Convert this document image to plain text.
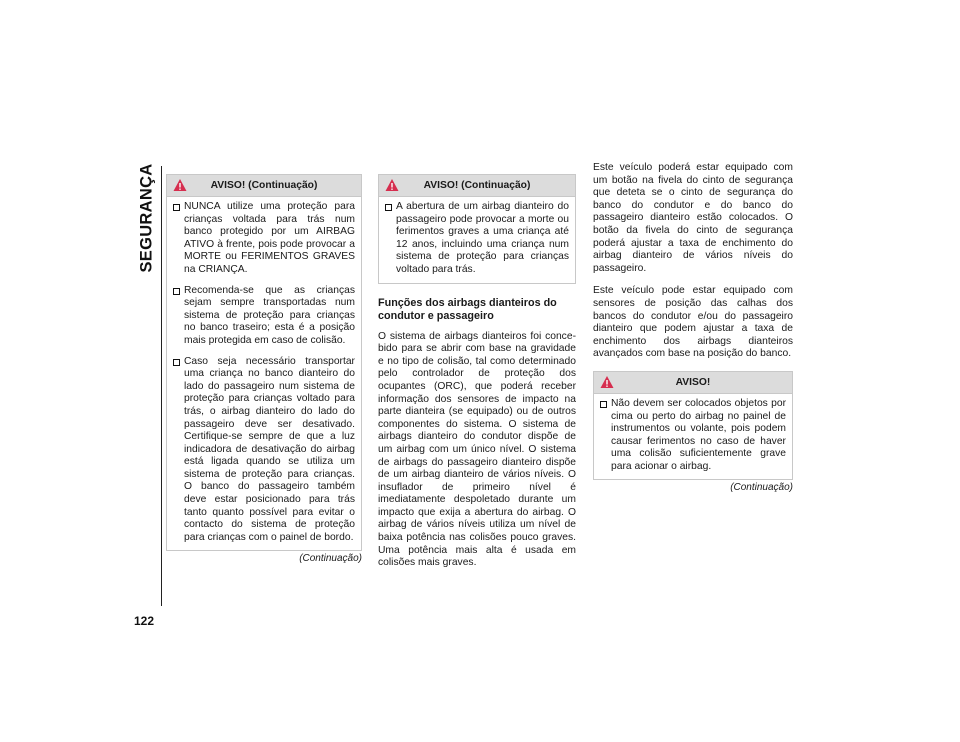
SEGURANÇA
122
AVISO! (Continuação)
NUNCA utilize uma proteção para crianças voltada para trás num banco protegido por um AIRBAG ATIVO à frente, pois pode provocar a MORTE ou FERIMENTOS GRAVES na CRIANÇA.
Recomenda-se que as crianças sejam sempre transportadas num sistema de proteção para crianças no banco traseiro; esta é a posição mais protegida em caso de colisão.
Caso seja necessário transportar uma criança no banco dianteiro do lado do passageiro num sistema de proteção para crianças voltado para trás, o airbag dianteiro do lado do passageiro deve ser desativado. Certifique-se sempre de que a luz indicadora de desativação do airbag está ligada quando se utiliza um sistema de proteção para crianças. O banco do passageiro também deve estar posicionado para trás tanto quanto possível para evitar o contacto do sistema de proteção para crianças com o painel de bordo.
(Continuação)
AVISO! (Continuação)
A abertura de um airbag dianteiro do passageiro pode provocar a morte ou ferimentos graves a uma criança até 12 anos, incluindo uma criança num sistema de proteção para crianças voltado para trás.
Funções dos airbags dianteiros do condutor e passageiro

O sistema de airbags dianteiros foi concebido para se abrir com base na gravidade e no tipo de colisão, tal como determinado pelo controlador de proteção dos ocupantes (ORC), que poderá receber informação dos sensores de impacto na parte dianteira (se equipado) ou de outros componentes do sistema. O sistema de airbags dianteiro do condutor dispõe de um airbag com um único nível. O sistema de airbags do passageiro dianteiro dispõe de um airbag dianteiro de vários níveis. O insuflador de primeiro nível é imediatamente despoletado durante um impacto que exija a abertura do airbag. O airbag de vários níveis utiliza um nível de baixa potência nas colisões pouco graves. Uma potência mais alta é usada em colisões mais graves.

Este veículo poderá estar equipado com um botão na fivela do cinto de segurança que deteta se o cinto de segurança do banco do condutor e do banco do passageiro dianteiro estão colocados. O botão da fivela do cinto de segurança poderá ajustar a taxa de enchimento do airbag dianteiro de vários níveis do passageiro.

Este veículo pode estar equipado com sensores de posição das calhas dos bancos do condutor e/ou do passageiro dianteiro que podem ajustar a taxa de enchimento dos airbags dianteiros avançados com base na posição do banco.

AVISO!
Não devem ser colocados objetos por cima ou perto do airbag no painel de instrumentos ou volante, pois podem causar ferimentos no caso de haver uma colisão suficientemente grave para acionar o airbag.
(Continuação)
